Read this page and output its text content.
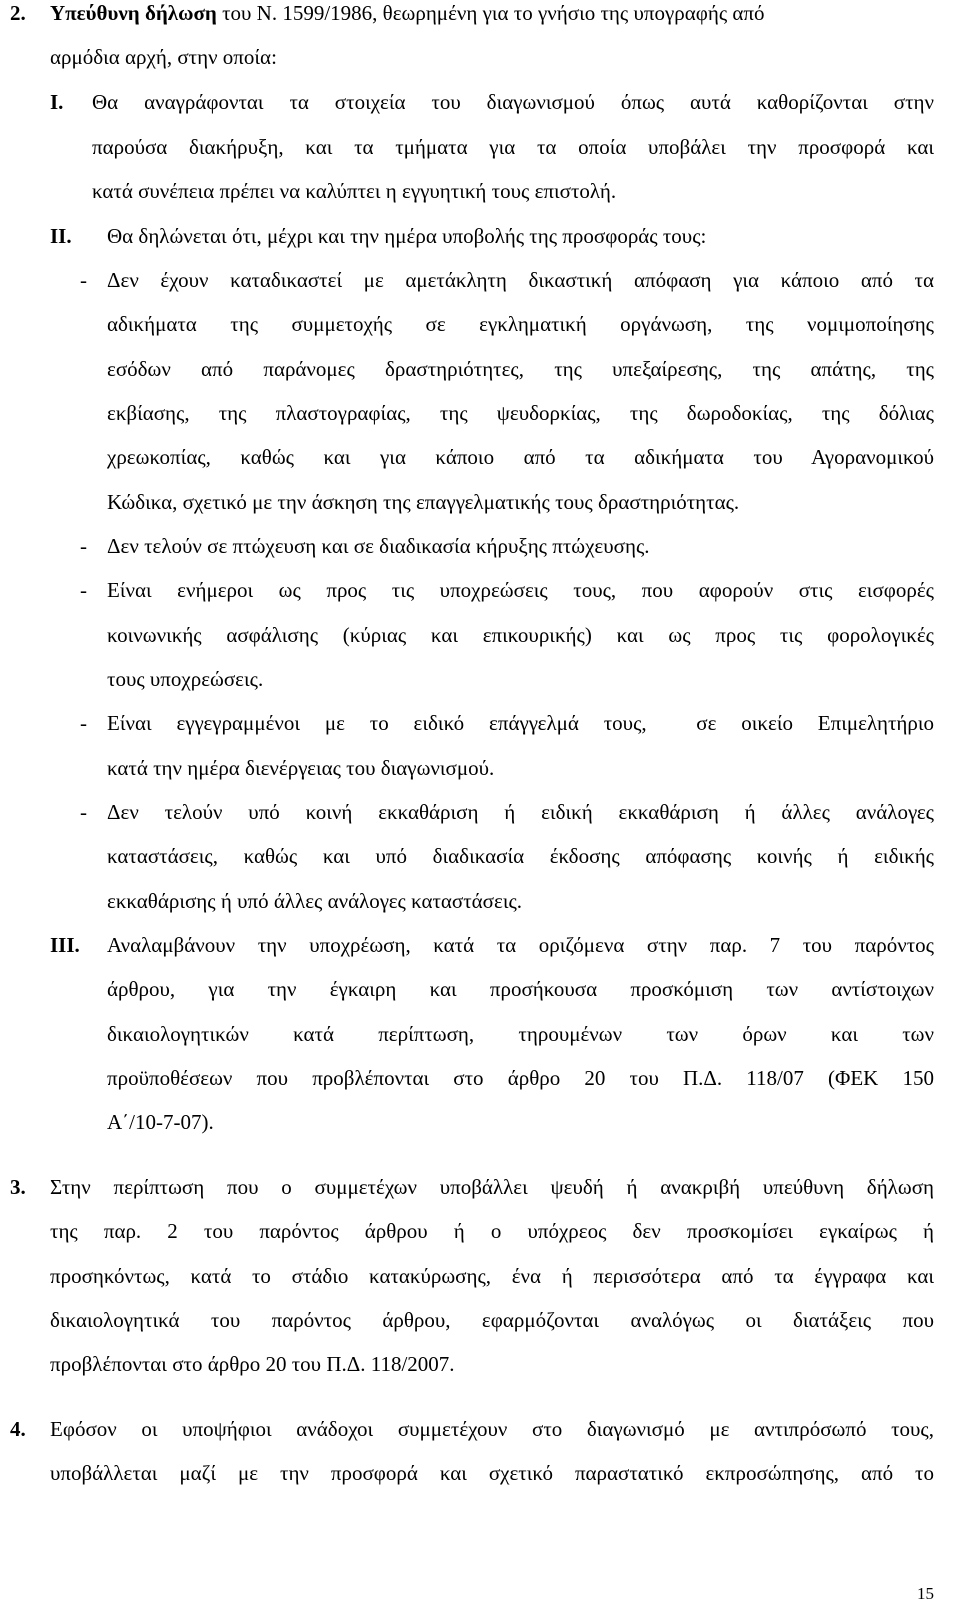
2. Υπεύθυνη δήλωση του Ν. 1599/1986, θεωρημένη για το γνήσιο της υπογραφής από
αρμόδια αρχή, στην οποία:
Ι. Θα αναγράφονται τα στοιχεία του διαγωνισμού όπως αυτά καθορίζονται στην
παρούσα διακήρυξη, και τα τμήματα για τα οποία υποβάλει την προσφορά και
κατά συνέπεια πρέπει να καλύπτει η εγγυητική τους επιστολή.
ΙΙ. Θα δηλώνεται ότι, μέχρι και την ημέρα υποβολής της προσφοράς τους:
- Δεν έχουν καταδικαστεί με αμετάκλητη δικαστική απόφαση για κάποιο από τα
αδικήματα της συμμετοχής σε εγκληματική οργάνωση, της νομιμοποίησης
εσόδων από παράνομες δραστηριότητες, της υπεξαίρεσης, της απάτης, της
εκβίασης, της πλαστογραφίας, της ψευδορκίας, της δωροδοκίας, της δόλιας
χρεωκοπίας, καθώς και για κάποιο από τα αδικήματα του Αγορανομικού
Κώδικα, σχετικό με την άσκηση της επαγγελματικής τους δραστηριότητας.
- Δεν τελούν σε πτώχευση και σε διαδικασία κήρυξης πτώχευσης.
- Είναι ενήμεροι ως προς τις υποχρεώσεις τους, που αφορούν στις εισφορές
κοινωνικής ασφάλισης (κύριας και επικουρικής) και ως προς τις φορολογικές
τους υποχρεώσεις.
- Είναι εγγεγραμμένοι με το ειδικό επάγγελμά τους,  σε οικείο Επιμελητήριο
κατά την ημέρα διενέργειας του διαγωνισμού.
- Δεν τελούν υπό κοινή εκκαθάριση ή ειδική εκκαθάριση ή άλλες ανάλογες
καταστάσεις, καθώς και υπό διαδικασία έκδοσης απόφασης κοινής ή ειδικής
εκκαθάρισης ή υπό άλλες ανάλογες καταστάσεις.
ΙΙΙ. Αναλαμβάνουν την υποχρέωση, κατά τα οριζόμενα στην παρ. 7 του παρόντος
άρθρου, για την έγκαιρη και προσήκουσα προσκόμιση των αντίστοιχων
δικαιολογητικών κατά περίπτωση, τηρουμένων των όρων και των
προϋποθέσεων που προβλέπονται στο άρθρο 20 του Π.Δ. 118/07 (ΦΕΚ 150
Α΄/10-7-07).
3. Στην περίπτωση που ο συμμετέχων υποβάλλει ψευδή ή ανακριβή υπεύθυνη δήλωση
της παρ. 2 του παρόντος άρθρου ή ο υπόχρεος δεν προσκομίσει εγκαίρως ή
προσηκόντως, κατά το στάδιο κατακύρωσης, ένα ή περισσότερα από τα έγγραφα και
δικαιολογητικά του παρόντος άρθρου, εφαρμόζονται αναλόγως οι διατάξεις που
προβλέπονται στο άρθρο 20 του Π.Δ. 118/2007.
4. Εφόσον οι υποψήφιοι ανάδοχοι συμμετέχουν στο διαγωνισμό με αντιπρόσωπό τους,
υποβάλλεται μαζί με την προσφορά και σχετικό παραστατικό εκπροσώπησης, από το
15
